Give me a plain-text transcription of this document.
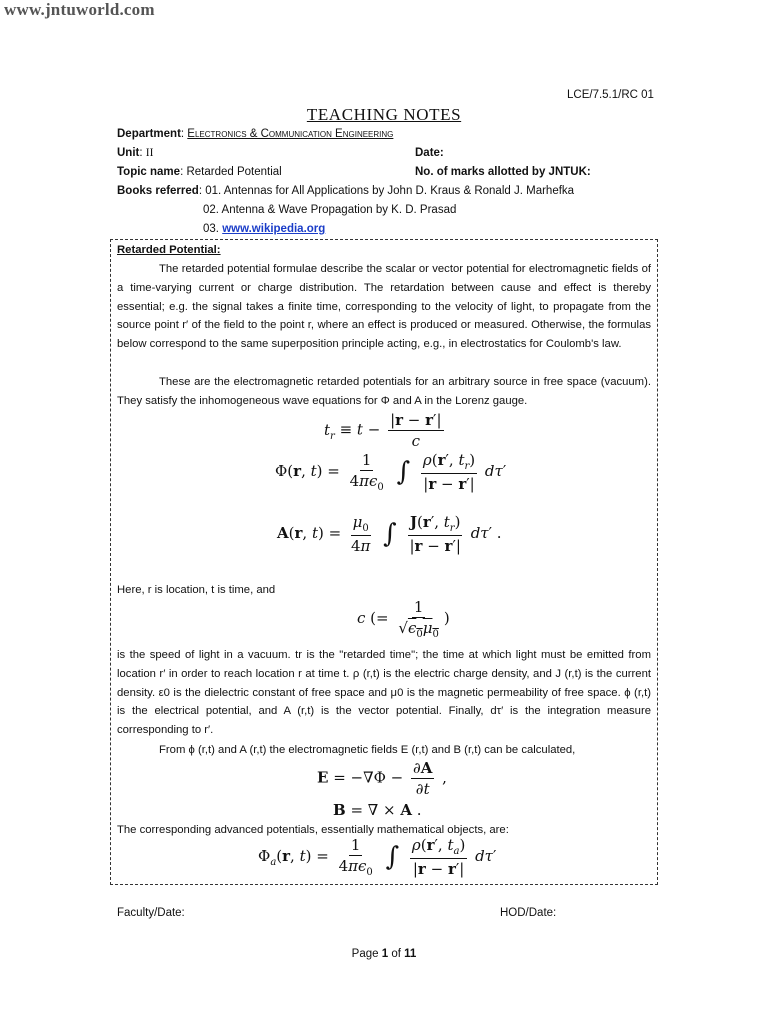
www.jntuworld.com
LCE/7.5.1/RC 01
TEACHING NOTES
Department: Electronics & Communication Engineering
Unit: II	Date:
Topic name: Retarded Potential	No. of marks allotted by JNTUK:
Books referred: 01. Antennas for All Applications by John D. Kraus & Ronald J. Marhefka
02. Antenna & Wave Propagation by K. D. Prasad
03. www.wikipedia.org
Retarded Potential:
The retarded potential formulae describe the scalar or vector potential for electromagnetic fields of a time-varying current or charge distribution. The retardation between cause and effect is thereby essential; e.g. the signal takes a finite time, corresponding to the velocity of light, to propagate from the source point r′ of the field to the point r, where an effect is produced or measured. Otherwise, the formulas below correspond to the same superposition principle acting, e.g., in electrostatics for Coulomb's law.
These are the electromagnetic retarded potentials for an arbitrary source in free space (vacuum). They satisfy the inhomogeneous wave equations for Φ and A in the Lorenz gauge.
$t_r \equiv t - \frac{|r - r'|}{c}$
Φ(r, $t) = \frac{1}{4\pi\epsilon_0}$ ∫ $\frac{\rho(r', t_r)}{|r - r'|} d\tau'$
A(r, $t) = \frac{\mu_0}{4\pi}$ ∫ $\frac{J(r', t_r)}{|r - r'|} d\tau'$ .
Here, r is location, t is time, and
c (= $\frac{1}{√\epsilon_0\mu_0}$ )
is the speed of light in a vacuum. tr is the "retarded time"; the time at which light must be emitted from location r′ in order to reach location r at time t. ρ (r,t) is the electric charge density, and J (r,t) is the current density. ε0 is the dielectric constant of free space and μ0 is the magnetic permeability of free space. ϕ (r,t) is the electrical potential, and A (r,t) is the vector potential. Finally, dτ′ is the integration measure corresponding to r′.
From ϕ (r,t) and A (r,t) the electromagnetic fields E (r,t) and B (r,t) can be calculated,
$E = -\nabla\Phi - \frac{\partial A}{\partial t}$ ,
B = ∇ × A .
The corresponding advanced potentials, essentially mathematical objects, are:
$\Phi_a(r$, $t) = \frac{1}{4\pi\epsilon_0}$ ∫ $\frac{\rho(r', t_a)}{|r - r'|} d\tau'$
Faculty/Date:	HOD/Date:
Page 1 of 11
